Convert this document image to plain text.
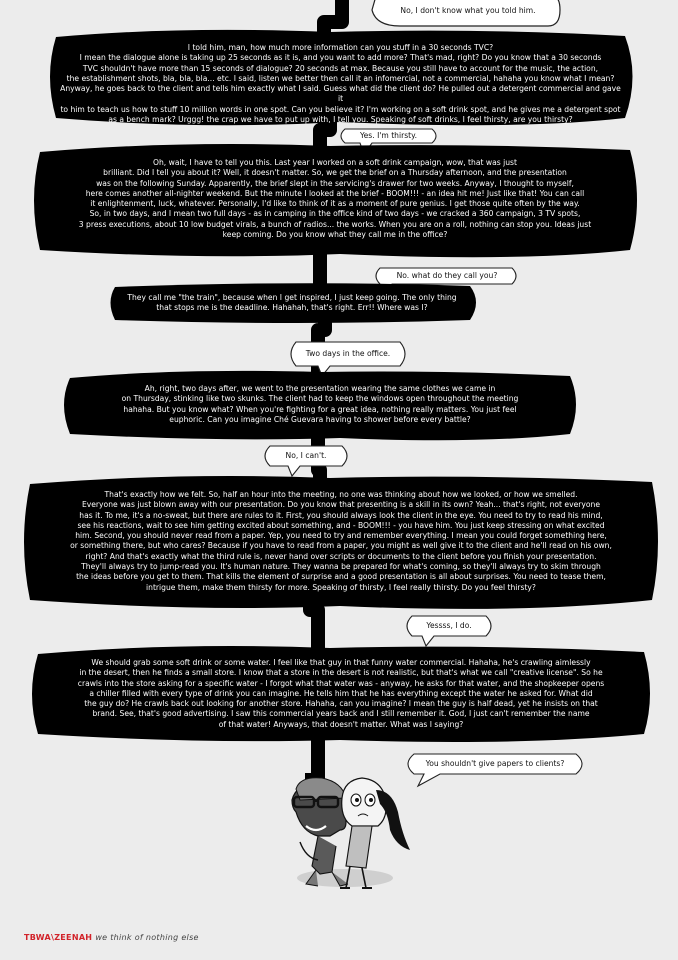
No, I don't know what you told him.

I told him, man, how much more information can you stuff in a 30 seconds TVC?
I mean the dialogue alone is taking up 25 seconds as it is, and you want to add more? That's mad, right? Do you know that a 30 seconds
TVC shouldn't have more than 15 seconds of dialogue? 20 seconds at max. Because you still have to account for the music, the action,
the establishment shots, bla, bla, bla... etc. I said, listen we better then call it an infomercial, not a commercial, hahaha you know what I mean?
Anyway, he goes back to the client and tells him exactly what I said. Guess what did the client do? He pulled out a detergent commercial and gave it
to him to teach us how to stuff 10 million words in one spot. Can you believe it? I'm working on a soft drink spot, and he gives me a detergent spot
as a bench mark? Urggg! the crap we have to put up with, I tell you. Speaking of soft drinks, I feel thirsty, are you thirsty?

Yes. I'm thirsty.

Oh, wait, I have to tell you this. Last year I worked on a soft drink campaign, wow, that was just
brilliant. Did I tell you about it? Well, it doesn't matter. So, we get the brief on a Thursday afternoon, and the presentation
was on the following Sunday. Apparently, the brief slept in the servicing's drawer for two weeks. Anyway, I thought to myself,
here comes another all-nighter weekend. But the minute I looked at the brief - BOOM!!! - an idea hit me! Just like that! You can call
it enlightenment, luck, whatever. Personally, I'd like to think of it as a moment of pure genius. I get those quite often by the way.
So, in two days, and I mean two full days - as in camping in the office kind of two days - we cracked a 360 campaign, 3 TV spots,
3 press executions, about 10 low budget virals, a bunch of radios... the works. When you are on a roll, nothing can stop you. Ideas just
keep coming. Do you know what they call me in the office?

No. what do they call you?

They call me "the train", because when I get inspired, I just keep going. The only thing
that stops me is the deadline. Hahahah, that's right. Err!! Where was I?

Two days in the office.

Ah, right, two days after, we went to the presentation wearing the same clothes we came in
on Thursday, stinking like two skunks. The client had to keep the windows open throughout the meeting
hahaha. But you know what? When you're fighting for a great idea, nothing really matters. You just feel
euphoric. Can you imagine Ché Guevara having to shower before every battle?

No, I can't.

That's exactly how we felt. So, half an hour into the meeting, no one was thinking about how we looked, or how we smelled.
Everyone was just blown away with our presentation. Do you know that presenting is a skill in its own? Yeah... that's right, not everyone
has it. To me, it's a no-sweat, but there are rules to it. First, you should always look the client in the eye. You need to try to read his mind,
see his reactions, wait to see him getting excited about something, and - BOOM!!! - you have him. You just keep stressing on what excited
him. Second, you should never read from a paper. Yep, you need to try and remember everything. I mean you could forget something here,
or something there, but who cares? Because if you have to read from a paper, you might as well give it to the client and he'll read on his own,
right? And that's exactly what the third rule is, never hand over scripts or documents to the client before you finish your presentation.
They'll always try to jump-read you. It's human nature. They wanna be prepared for what's coming, so they'll always try to skim through
the ideas before you get to them. That kills the element of surprise and a good presentation is all about surprises. You need to tease them,
intrigue them, make them thirsty for more. Speaking of thirsty, I feel really thirsty. Do you feel thirsty?

Yessss, I do.

We should grab some soft drink or some water. I feel like that guy in that funny water commercial. Hahaha, he's crawling aimlessly
in the desert, then he finds a small store. I know that a store in the desert is not realistic, but that's what we call "creative license". So he
crawls into the store asking for a specific water - I forgot what that water was - anyway, he asks for that water, and the shopkeeper opens
a chiller filled with every type of drink you can imagine. He tells him that he has everything except the water he asked for. What did
the guy do? He crawls back out looking for another store. Hahaha, can you imagine? I mean the guy is half dead, yet he insists on that
brand. See, that's good advertising. I saw this commercial years back and I still remember it. God, I just can't remember the name
of that water! Anyways, that doesn't matter. What was I saying?

You shouldn't give papers to clients?

TBWA\ZEENAH we think of nothing else
